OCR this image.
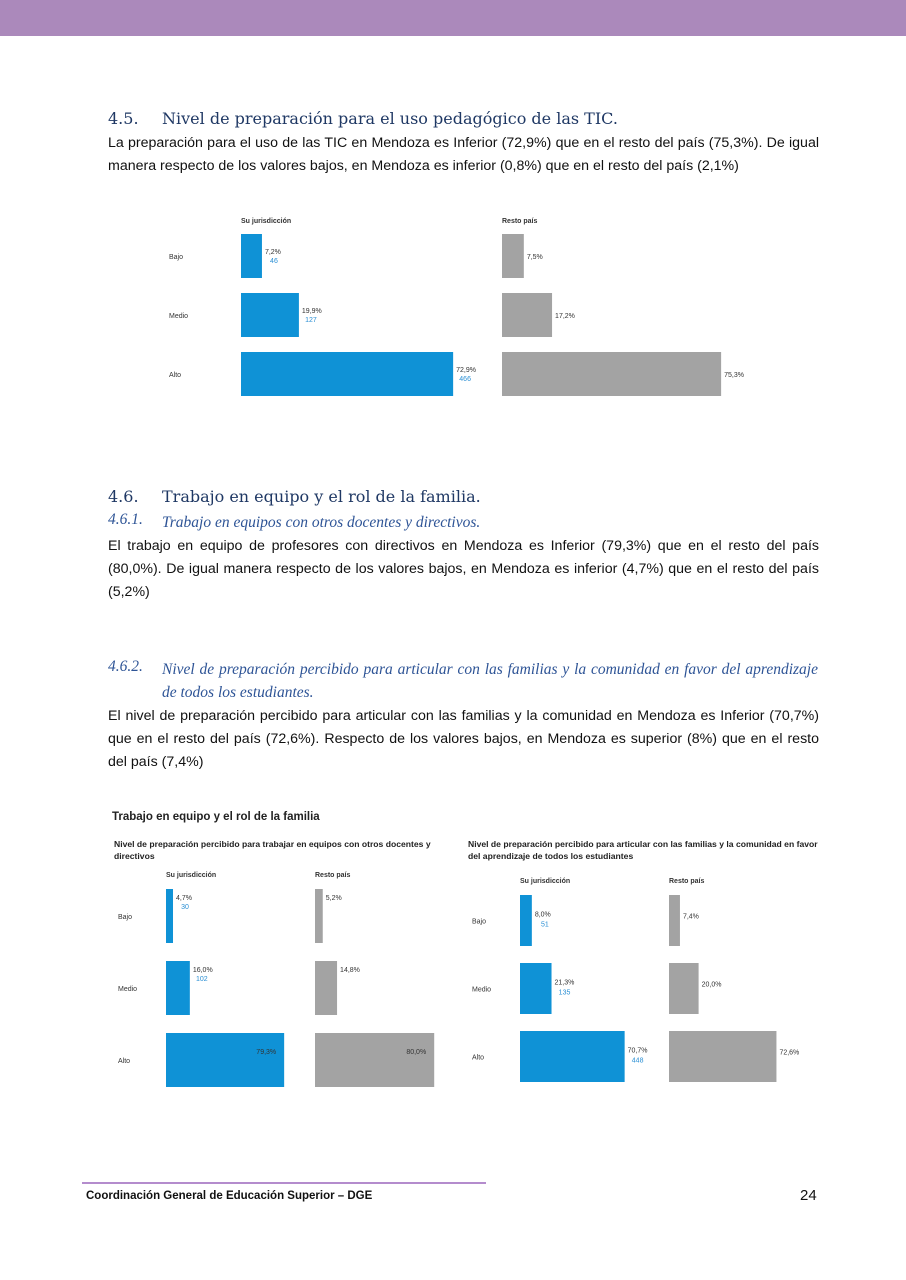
4.5. Nivel de preparación para el uso pedagógico de las TIC.
La preparación para el uso de las TIC en Mendoza es Inferior (72,9%) que en el resto del país (75,3%). De igual manera respecto de los valores bajos, en Mendoza es inferior (0,8%) que en el resto del país (2,1%)
Su jurisdicción	Resto país
Bajo
Medio
Alto
7,2%
46
19,9%
127
72,9%
466
7,5%
17,2%
75,3%
4.6. Trabajo en equipo y el rol de la familia.
4.6.1. Trabajo en equipos con otros docentes y directivos.
El trabajo en equipo de profesores con directivos en Mendoza es Inferior (79,3%) que en el resto del país (80,0%). De igual manera respecto de los valores bajos, en Mendoza es inferior (4,7%) que en el resto del país (5,2%)
4.6.2. Nivel de preparación percibido para articular con las familias y la comunidad en favor del aprendizaje de todos los estudiantes.
El nivel de preparación percibido para articular con las familias y la comunidad en Mendoza es Inferior (70,7%) que en el resto del país (72,6%). Respecto de los valores bajos, en Mendoza es superior (8%) que en el resto del país (7,4%)
Trabajo en equipo y el rol de la familia
Nivel de preparación percibido para trabajar en equipos con otros docentes y directivos
Nivel de preparación percibido para articular con las familias y la comunidad en favor del aprendizaje de todos los estudiantes
Su jurisdicción	Resto país
Bajo
Medio
Alto
4,7%
30
16,0%
102
79,3%
5,2%
14,8%
80,0%
Su jurisdicción	Resto país
Bajo
Medio
Alto
8,0%
51
21,3%
135
70,7%
448
7,4%
20,0%
72,6%
Coordinación General de Educación Superior – DGE	24
